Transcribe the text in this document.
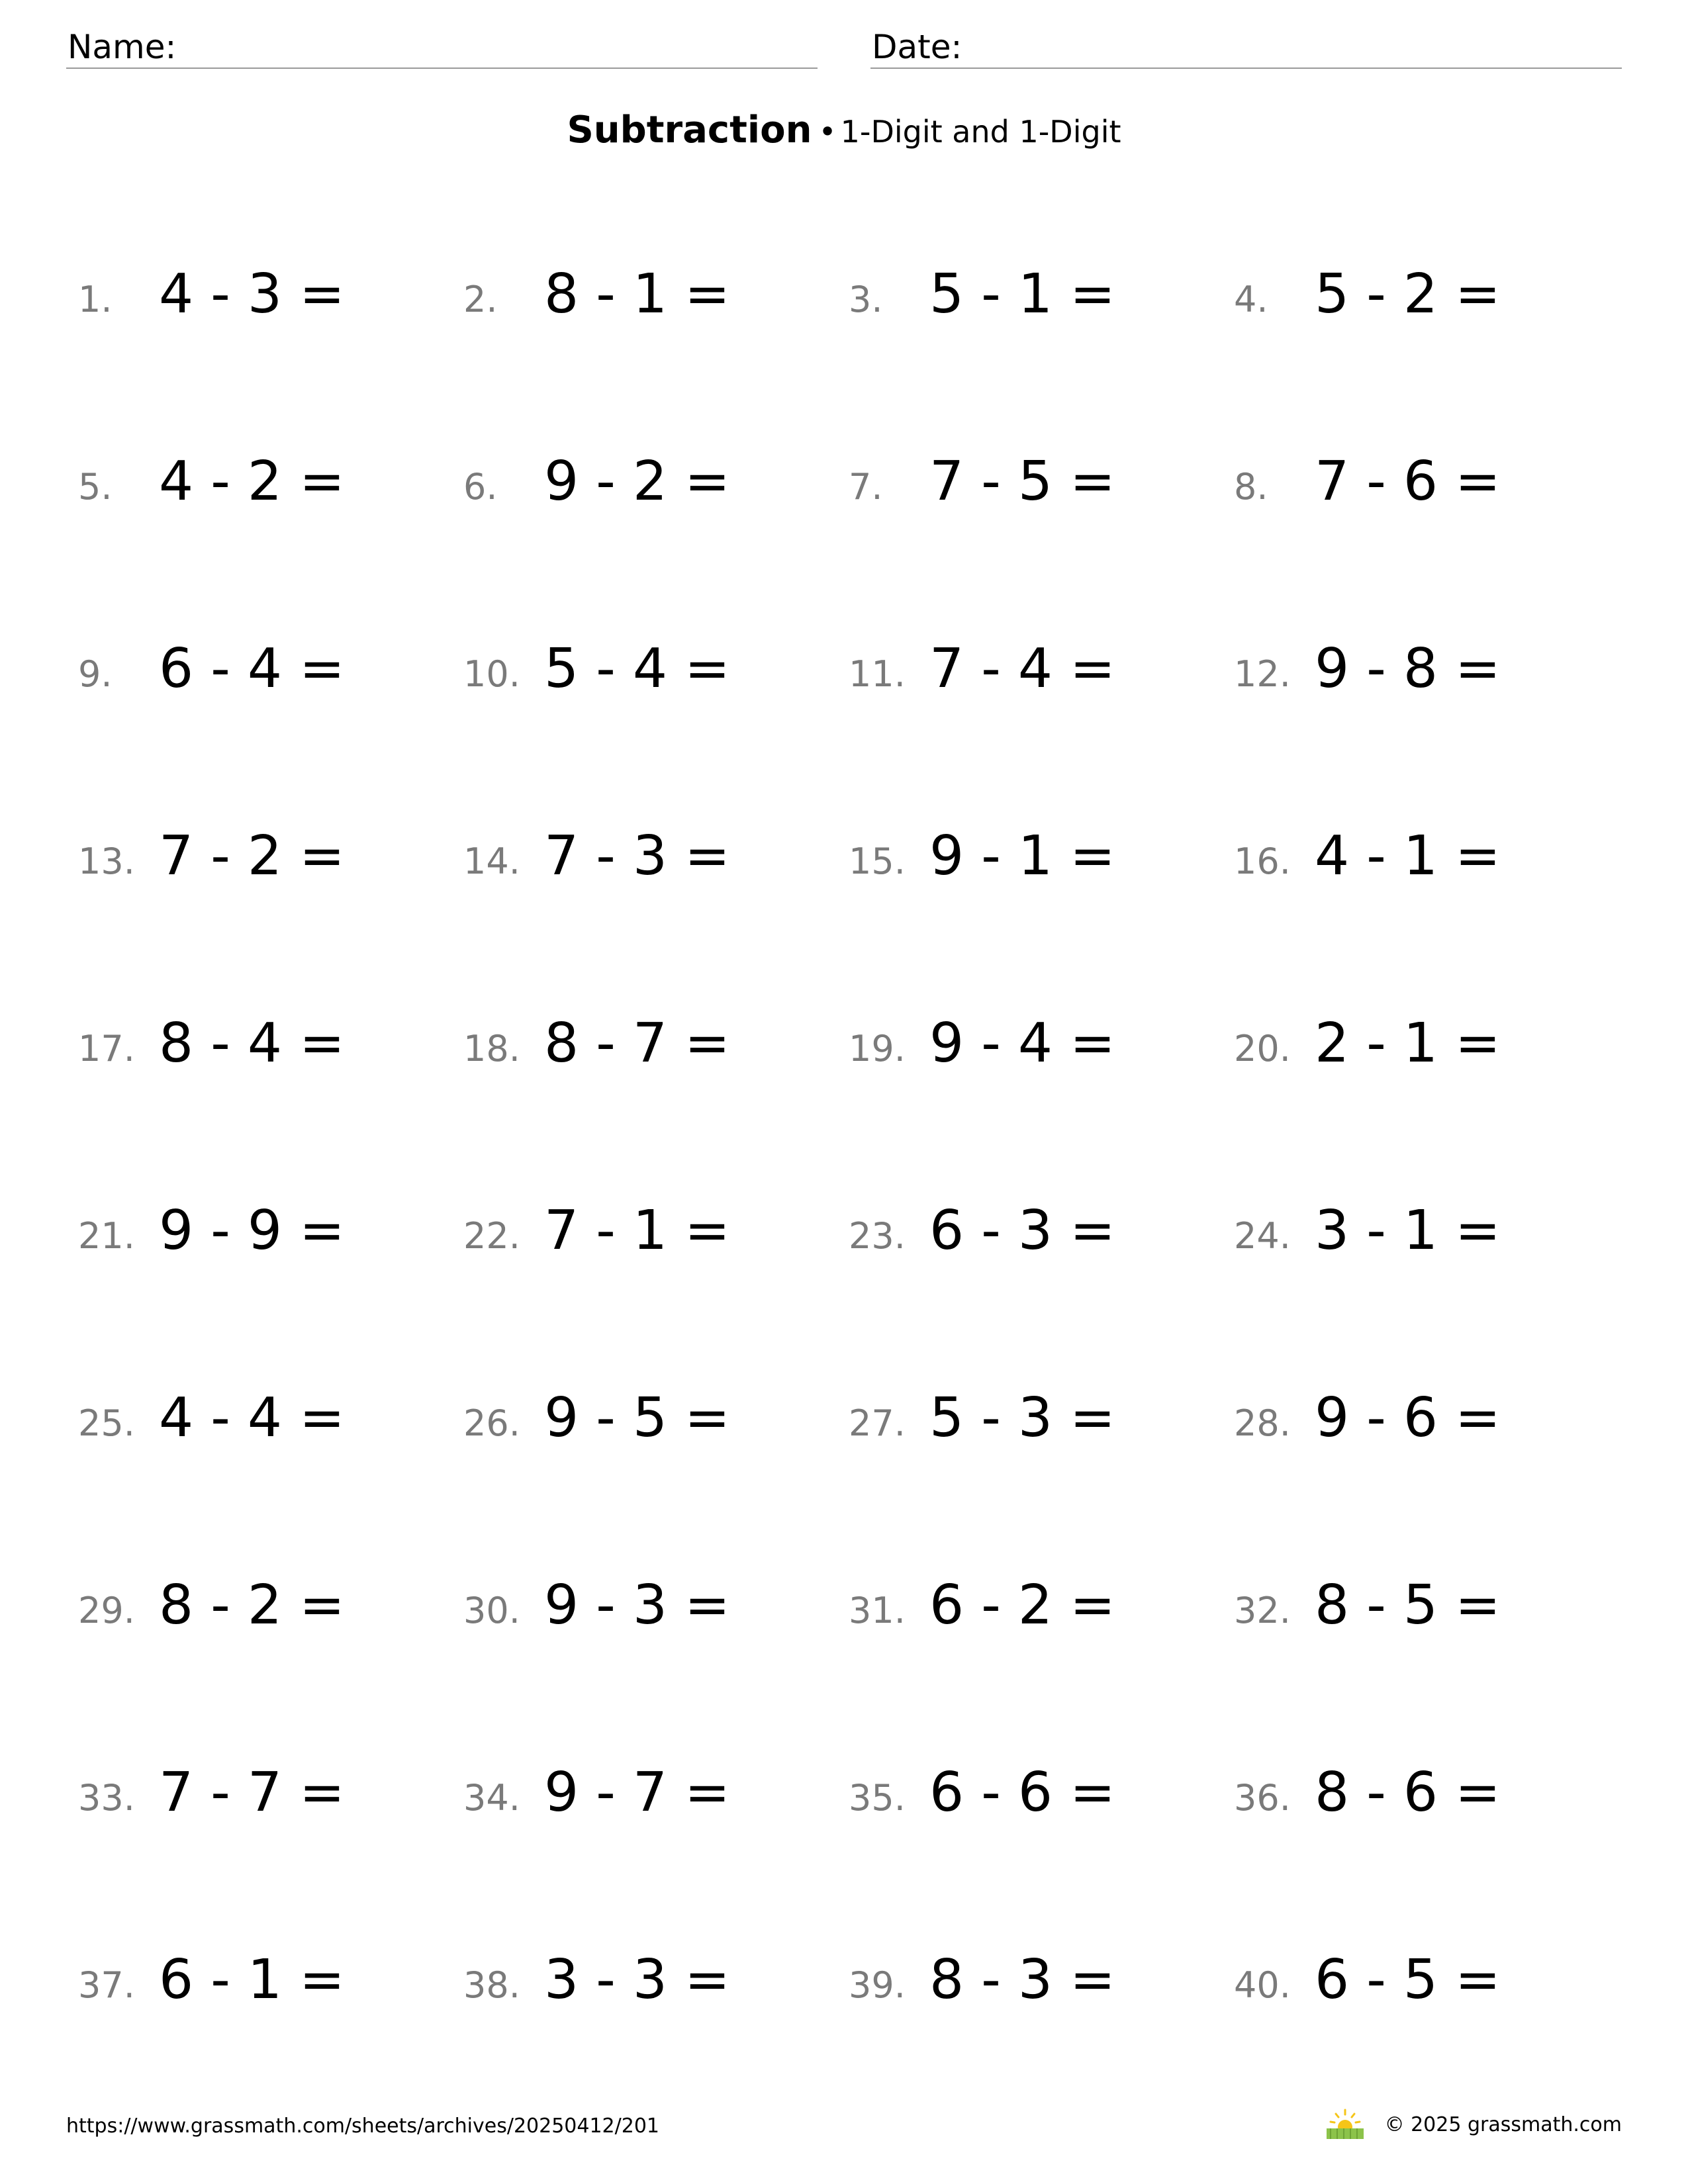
Name:	Date:
Subtraction • 1-Digit and 1-Digit
1. 4 - 3 =	2. 8 - 1 =	3. 5 - 1 =	4. 5 - 2 =
5. 4 - 2 =	6. 9 - 2 =	7. 7 - 5 =	8. 7 - 6 =
9. 6 - 4 =	10. 5 - 4 =	11. 7 - 4 =	12. 9 - 8 =
13. 7 - 2 =	14. 7 - 3 =	15. 9 - 1 =	16. 4 - 1 =
17. 8 - 4 =	18. 8 - 7 =	19. 9 - 4 =	20. 2 - 1 =
21. 9 - 9 =	22. 7 - 1 =	23. 6 - 3 =	24. 3 - 1 =
25. 4 - 4 =	26. 9 - 5 =	27. 5 - 3 =	28. 9 - 6 =
29. 8 - 2 =	30. 9 - 3 =	31. 6 - 2 =	32. 8 - 5 =
33. 7 - 7 =	34. 9 - 7 =	35. 6 - 6 =	36. 8 - 6 =
37. 6 - 1 =	38. 3 - 3 =	39. 8 - 3 =	40. 6 - 5 =
https://www.grassmath.com/sheets/archives/20250412/201	© 2025 grassmath.com
